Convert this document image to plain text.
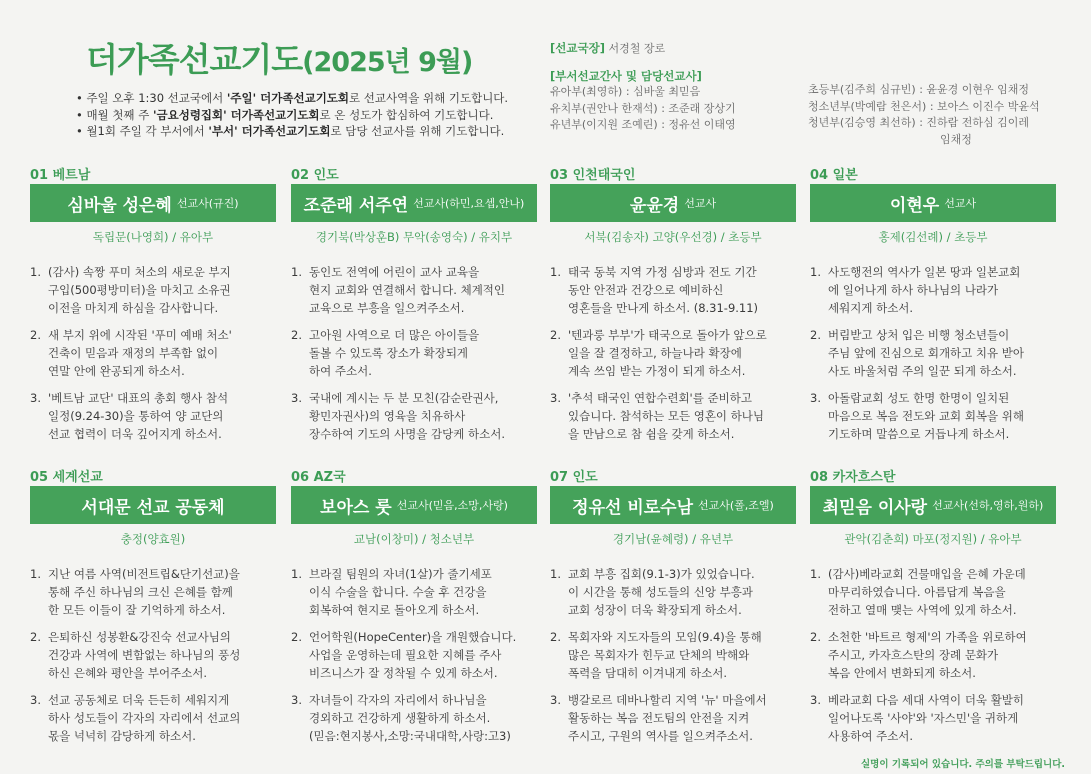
더가족선교기도(2025년 9월)
• 주일 오후 1:30 선교국에서 '주일' 더가족선교기도회로 선교사역을 위해 기도합니다.
• 매월 첫째 주 '금요성령집회' 더가족선교기도회로 온 성도가 합심하여 기도합니다.
• 월1회 주일 각 부서에서 '부서' 더가족선교기도회로 담당 선교사를 위해 기도합니다.
[선교국장] 서경철 장로
[부서선교간사 및 담당선교사]
유아부(최영하) : 심바울 최믿음
유치부(권안나 한재석) : 조준래 장상기
유년부(이지원 조예린) : 정유선 이태영
초등부(김주희 심규빈) : 윤윤경 이현우 임채정
청소년부(박예람 천은서) : 보아스 이진수 박윤석
청년부(김승영 최선하) : 진하람 전하심 김이레
임채정
01 베트남
심바울 성은혜 선교사(규진)
독립문(나영희) / 유아부
1. (감사) 속짱 푸미 처소의 새로운 부지
구입(500평방미터)을 마치고 소유권
이전을 마치게 하심을 감사합니다.
2. 새 부지 위에 시작된 '푸미 예배 처소'
건축이 믿음과 재정의 부족함 없이
연말 안에 완공되게 하소서.
3. '베트남 교단' 대표의 총회 행사 참석
일정(9.24-30)을 통하여 양 교단의
선교 협력이 더욱 깊어지게 하소서.
02 인도
조준래 서주연 선교사(하민,요셉,안나)
경기북(박상훈B) 무악(송영숙) / 유치부
1. 동인도 전역에 어린이 교사 교육을
현지 교회와 연결해서 합니다. 체계적인
교육으로 부흥을 일으켜주소서.
2. 고아원 사역으로 더 많은 아이들을
돌볼 수 있도록 장소가 확장되게
하여 주소서.
3. 국내에 계시는 두 분 모친(감순란권사,
황민자권사)의 영육을 치유하사
장수하여 기도의 사명을 감당케 하소서.
03 인천태국인
윤윤경 선교사
서북(김송자) 고양(우선경) / 초등부
1. 태국 동북 지역 가정 심방과 전도 기간
동안 안전과 건강으로 예비하신
영혼들을 만나게 하소서. (8.31-9.11)
2. '텐과룽 부부'가 태국으로 돌아가 앞으로
일을 잘 결정하고, 하늘나라 확장에
계속 쓰임 받는 가정이 되게 하소서.
3. '추석 태국인 연합수련회'를 준비하고
있습니다. 참석하는 모든 영혼이 하나님
을 만남으로 참 쉼을 갖게 하소서.
04 일본
이현우 선교사
홍제(김선례) / 초등부
1. 사도행전의 역사가 일본 땅과 일본교회
에 일어나게 하사 하나님의 나라가
세워지게 하소서.
2. 버림받고 상처 입은 비행 청소년들이
주님 앞에 진심으로 회개하고 치유 받아
사도 바울처럼 주의 일꾼 되게 하소서.
3. 아돌람교회 성도 한명 한명이 일치된
마음으로 복음 전도와 교회 회복을 위해
기도하며 말씀으로 거듭나게 하소서.
05 세계선교
서대문 선교 공동체
충정(양효원)
1. 지난 여름 사역(비전트립&단기선교)을
통해 주신 하나님의 크신 은혜를 함께
한 모든 이들이 잘 기억하게 하소서.
2. 은퇴하신 성봉환&강진숙 선교사님의
건강과 사역에 변함없는 하나님의 풍성
하신 은혜와 평안을 부어주소서.
3. 선교 공동체로 더욱 든든히 세워지게
하사 성도들이 각자의 자리에서 선교의
몫을 넉넉히 감당하게 하소서.
06 AZ국
보아스 룻 선교사(믿음,소망,사랑)
교남(이창미) / 청소년부
1. 브라질 팀원의 자녀(1살)가 줄기세포
이식 수술을 합니다. 수술 후 건강을
회복하여 현지로 돌아오게 하소서.
2. 언어학원(HopeCenter)을 개원했습니다.
사업을 운영하는데 필요한 지혜를 주사
비즈니스가 잘 정착될 수 있게 하소서.
3. 자녀들이 각자의 자리에서 하나님을
경외하고 건강하게 생활하게 하소서.
(믿음:현지봉사,소망:국내대학,사랑:고3)
07 인도
정유선 비로수남 선교사(폴,조엘)
경기남(윤혜령) / 유년부
1. 교회 부흥 집회(9.1-3)가 있었습니다.
이 시간을 통해 성도들의 신앙 부흥과
교회 성장이 더욱 확장되게 하소서.
2. 목회자와 지도자들의 모임(9.4)을 통해
많은 목회자가 힌두교 단체의 박해와
폭력을 담대히 이겨내게 하소서.
3. 뱅갈로르 데바나할리 지역 '뉴' 마을에서
활동하는 복음 전도팀의 안전을 지켜
주시고, 구원의 역사를 일으켜주소서.
08 카자흐스탄
최믿음 이사랑 선교사(선하,영하,원하)
관악(김춘희) 마포(정지원) / 유아부
1. (감사)베라교회 건물매입을 은혜 가운데
마무리하였습니다. 아름답게 복음을
전하고 열매 맺는 사역에 있게 하소서.
2. 소천한 '바트르 형제'의 가족을 위로하여
주시고, 카자흐스탄의 장례 문화가
복음 안에서 변화되게 하소서.
3. 베라교회 다음 세대 사역이 더욱 활발히
일어나도록 '사야'와 '자스민'을 귀하게
사용하여 주소서.
실명이 기록되어 있습니다. 주의를 부탁드립니다.
